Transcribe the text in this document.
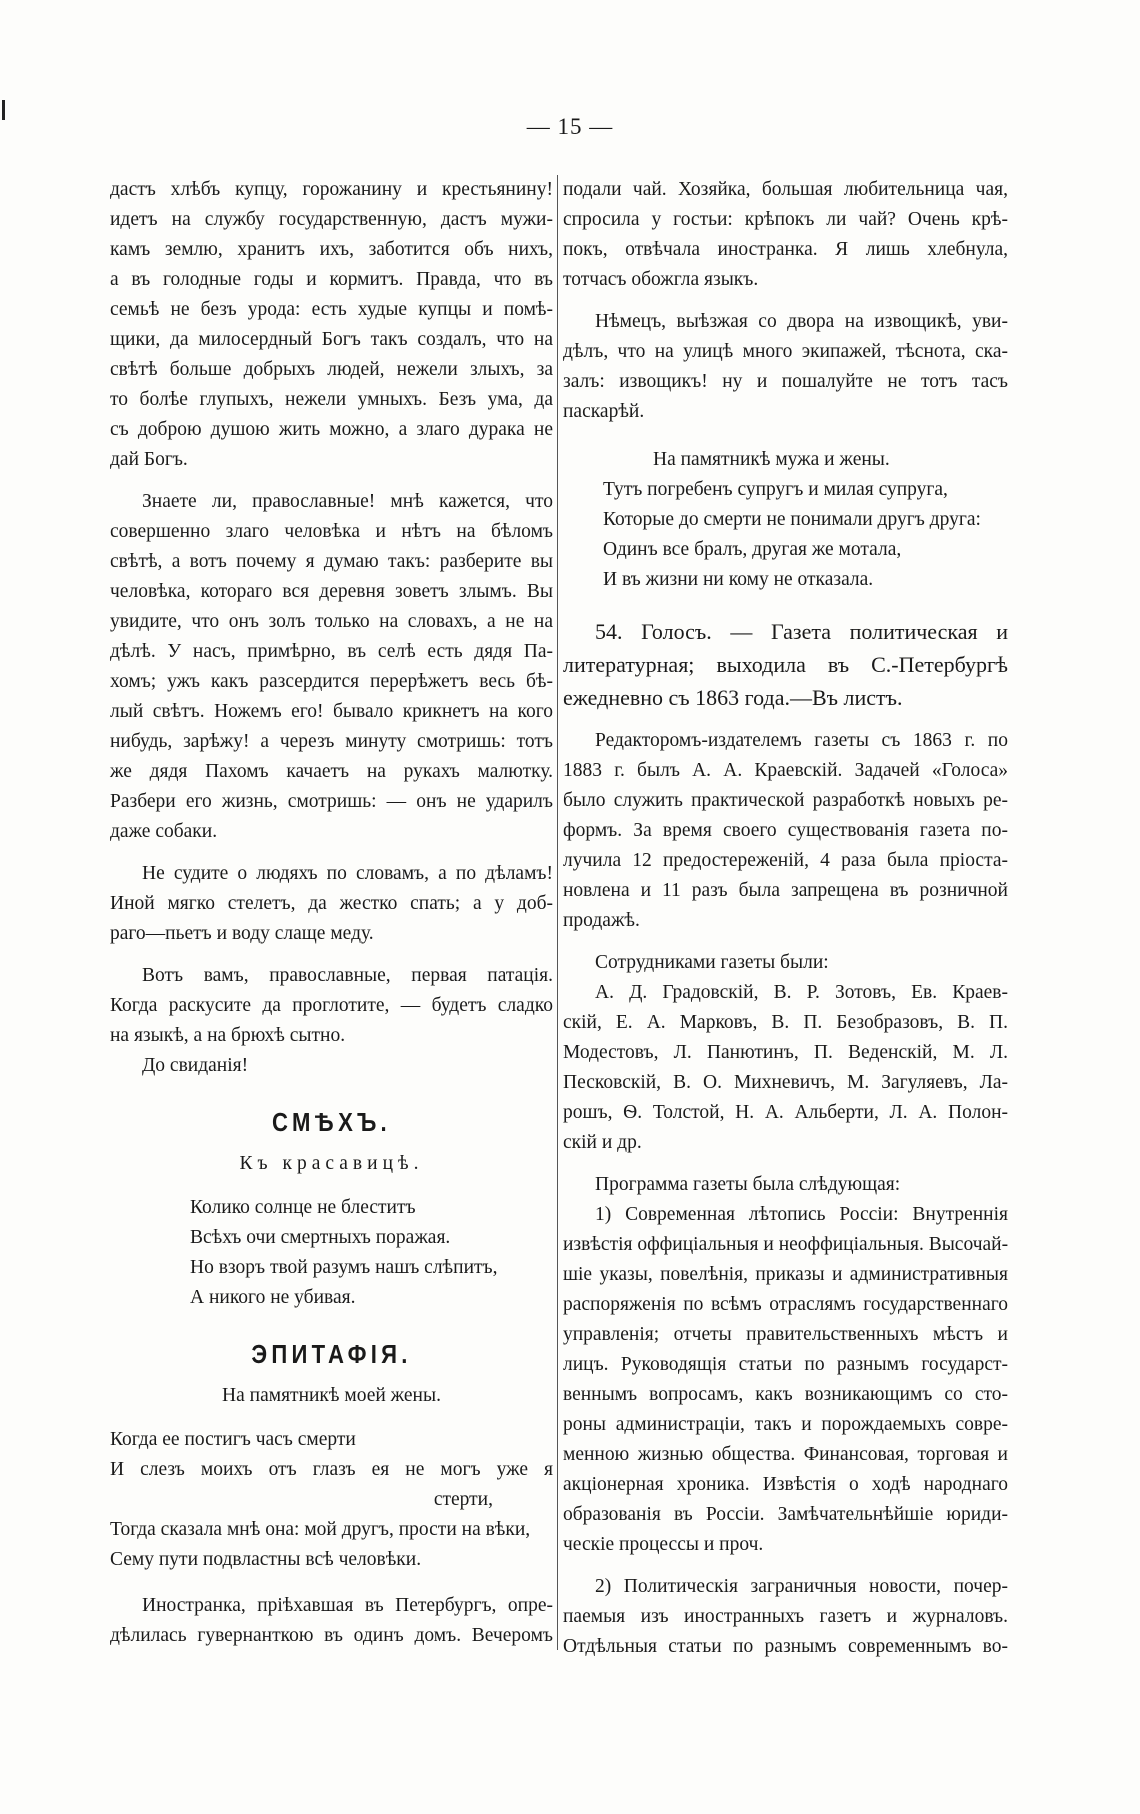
— 15 —

дастъ хлѣбъ купцу, горожанину и крестьянину!
идетъ на службу государственную, дастъ мужи-
камъ землю, хранитъ ихъ, заботится объ нихъ,
а въ голодные годы и кормитъ. Правда, что въ
семьѣ не безъ урода: есть худые купцы и помѣ-
щики, да милосердный Богъ такъ создалъ, что на
свѣтѣ больше добрыхъ людей, нежели злыхъ, за
то болѣе глупыхъ, нежели умныхъ. Безъ ума, да
съ доброю душою жить можно, а злаго дурака не
дай Богъ.

Знаете ли, православные! мнѣ кажется, что
совершенно злаго человѣка и нѣтъ на бѣломъ
свѣтѣ, а вотъ почему я думаю такъ: разберите вы
человѣка, котораго вся деревня зоветъ злымъ. Вы
увидите, что онъ золъ только на словахъ, а не на
дѣлѣ. У насъ, примѣрно, въ селѣ есть дядя Па-
хомъ; ужъ какъ разсердится перерѣжетъ весь бѣ-
лый свѣтъ. Ножемъ его! бывало крикнетъ на кого
нибудь, зарѣжу! а черезъ минуту смотришь: тотъ
же дядя Пахомъ качаетъ на рукахъ малютку.
Разбери его жизнь, смотришь: — онъ не ударилъ
даже собаки.

Не судите о людяхъ по словамъ, а по дѣламъ!
Иной мягко стелетъ, да жестко спать; а у доб-
раго—пьетъ и воду слаще меду.

Вотъ вамъ, православные, первая патація.
Когда раскусите да проглотите, — будетъ сладко
на языкѣ, а на брюхѣ сытно.
До свиданія!

СМѢХЪ.
Къ красавицѣ.
Колико солнце не блеститъ
Всѣхъ очи смертныхъ поражая.
Но взоръ твой разумъ нашъ слѣпитъ,
А никого не убивая.
ЭПИТАФІЯ.
На памятникѣ моей жены.
Когда ее постигъ часъ смерти
И слезъ моихъ отъ глазъ ея не могъ уже я
стерти,
Тогда сказала мнѣ она: мой другъ, прости на вѣки,
Сему пути подвластны всѣ человѣки.

Иностранка, пріѣхавшая въ Петербургъ, опре-
дѣлилась гувернанткою въ одинъ домъ. Вечеромъ

подали чай. Хозяйка, большая любительница чая,
спросила у гостьи: крѣпокъ ли чай? Очень крѣ-
покъ, отвѣчала иностранка. Я лишь хлебнула,
тотчасъ обожгла языкъ.

Нѣмецъ, выѣзжая со двора на извощикѣ, уви-
дѣлъ, что на улицѣ много экипажей, тѣснота, ска-
залъ: извощикъ! ну и пошалуйте не тотъ тасъ
паскарѣй.

На памятникѣ мужа и жены.
Тутъ погребенъ супругъ и милая супруга,
Которые до смерти не понимали другъ друга:
Одинъ все бралъ, другая же мотала,
И въ жизни ни кому не отказала.

54. Голосъ. — Газета политическая и
литературная; выходила въ С.-Петербургѣ
ежедневно съ 1863 года.—Въ листъ.

Редакторомъ-издателемъ газеты съ 1863 г. по
1883 г. былъ А. А. Краевскій. Задачей «Голоса»
было служить практической разработкѣ новыхъ ре-
формъ. За время своего существованія газета по-
лучила 12 предостереженій, 4 раза была пріоста-
новлена и 11 разъ была запрещена въ розничной
продажѣ.

Сотрудниками газеты были:
А. Д. Градовскій, В. Р. Зотовъ, Ев. Краев-
скій, Е. А. Марковъ, В. П. Безобразовъ, В. П.
Модестовъ, Л. Панютинъ, П. Веденскій, М. Л.
Песковскій, В. О. Михневичъ, М. Загуляевъ, Ла-
рошъ, Ѳ. Толстой, Н. А. Альберти, Л. А. Полон-
скій и др.

Программа газеты была слѣдующая:
1) Современная лѣтопись Россіи: Внутреннія
извѣстія оффиціальныя и неоффиціальныя. Высочай-
шіе указы, повелѣнія, приказы и административныя
распоряженія по всѣмъ отраслямъ государственнаго
управленія; отчеты правительственныхъ мѣстъ и
лицъ. Руководящія статьи по разнымъ государст-
веннымъ вопросамъ, какъ возникающимъ со сто-
роны администраціи, такъ и порождаемыхъ совре-
менною жизнью общества. Финансовая, торговая и
акціонерная хроника. Извѣстія о ходѣ народнаго
образованія въ Россіи. Замѣчательнѣйшіе юриди-
ческіе процессы и проч.

2) Политическія заграничныя новости, почер-
паемыя изъ иностранныхъ газетъ и журналовъ.
Отдѣльныя статьи по разнымъ современнымъ во-
